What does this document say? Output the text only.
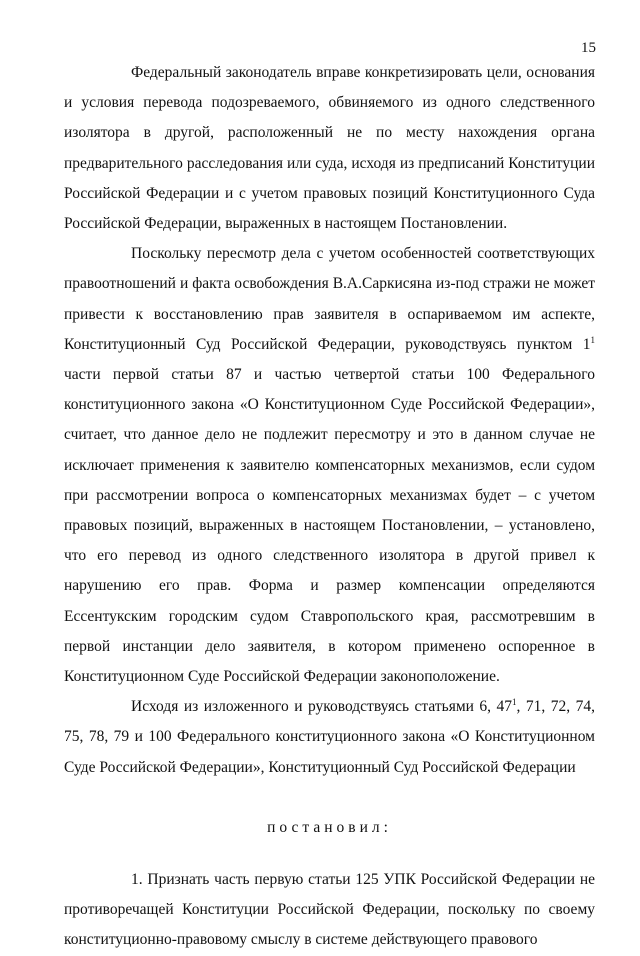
15

Федеральный законодатель вправе конкретизировать цели, основания и условия перевода подозреваемого, обвиняемого из одного следственного изолятора в другой, расположенный не по месту нахождения органа предварительного расследования или суда, исходя из предписаний Конституции Российской Федерации и с учетом правовых позиций Конституционного Суда Российской Федерации, выраженных в настоящем Постановлении.

Поскольку пересмотр дела с учетом особенностей соответствующих правоотношений и факта освобождения В.А.Саркисяна из-под стражи не может привести к восстановлению прав заявителя в оспариваемом им аспекте, Конституционный Суд Российской Федерации, руководствуясь пунктом $1^1$ части первой статьи 87 и частью четвертой статьи 100 Федерального конституционного закона «О Конституционном Суде Российской Федерации», считает, что данное дело не подлежит пересмотру и это в данном случае не исключает применения к заявителю компенсаторных механизмов, если судом при рассмотрении вопроса о компенсаторных механизмах будет – с учетом правовых позиций, выраженных в настоящем Постановлении, – установлено, что его перевод из одного следственного изолятора в другой привел к нарушению его прав. Форма и размер компенсации определяются Ессентукским городским судом Ставропольского края, рассмотревшим в первой инстанции дело заявителя, в котором применено оспоренное в Конституционном Суде Российской Федерации законоположение.

Исходя из изложенного и руководствуясь статьями 6, $47^1$, 71, 72, 74, 75, 78, 79 и 100 Федерального конституционного закона «О Конституционном Суде Российской Федерации», Конституционный Суд Российской Федерации

постановил:

1. Признать часть первую статьи 125 УПК Российской Федерации не противоречащей Конституции Российской Федерации, поскольку по своему конституционно-правовому смыслу в системе действующего правового
